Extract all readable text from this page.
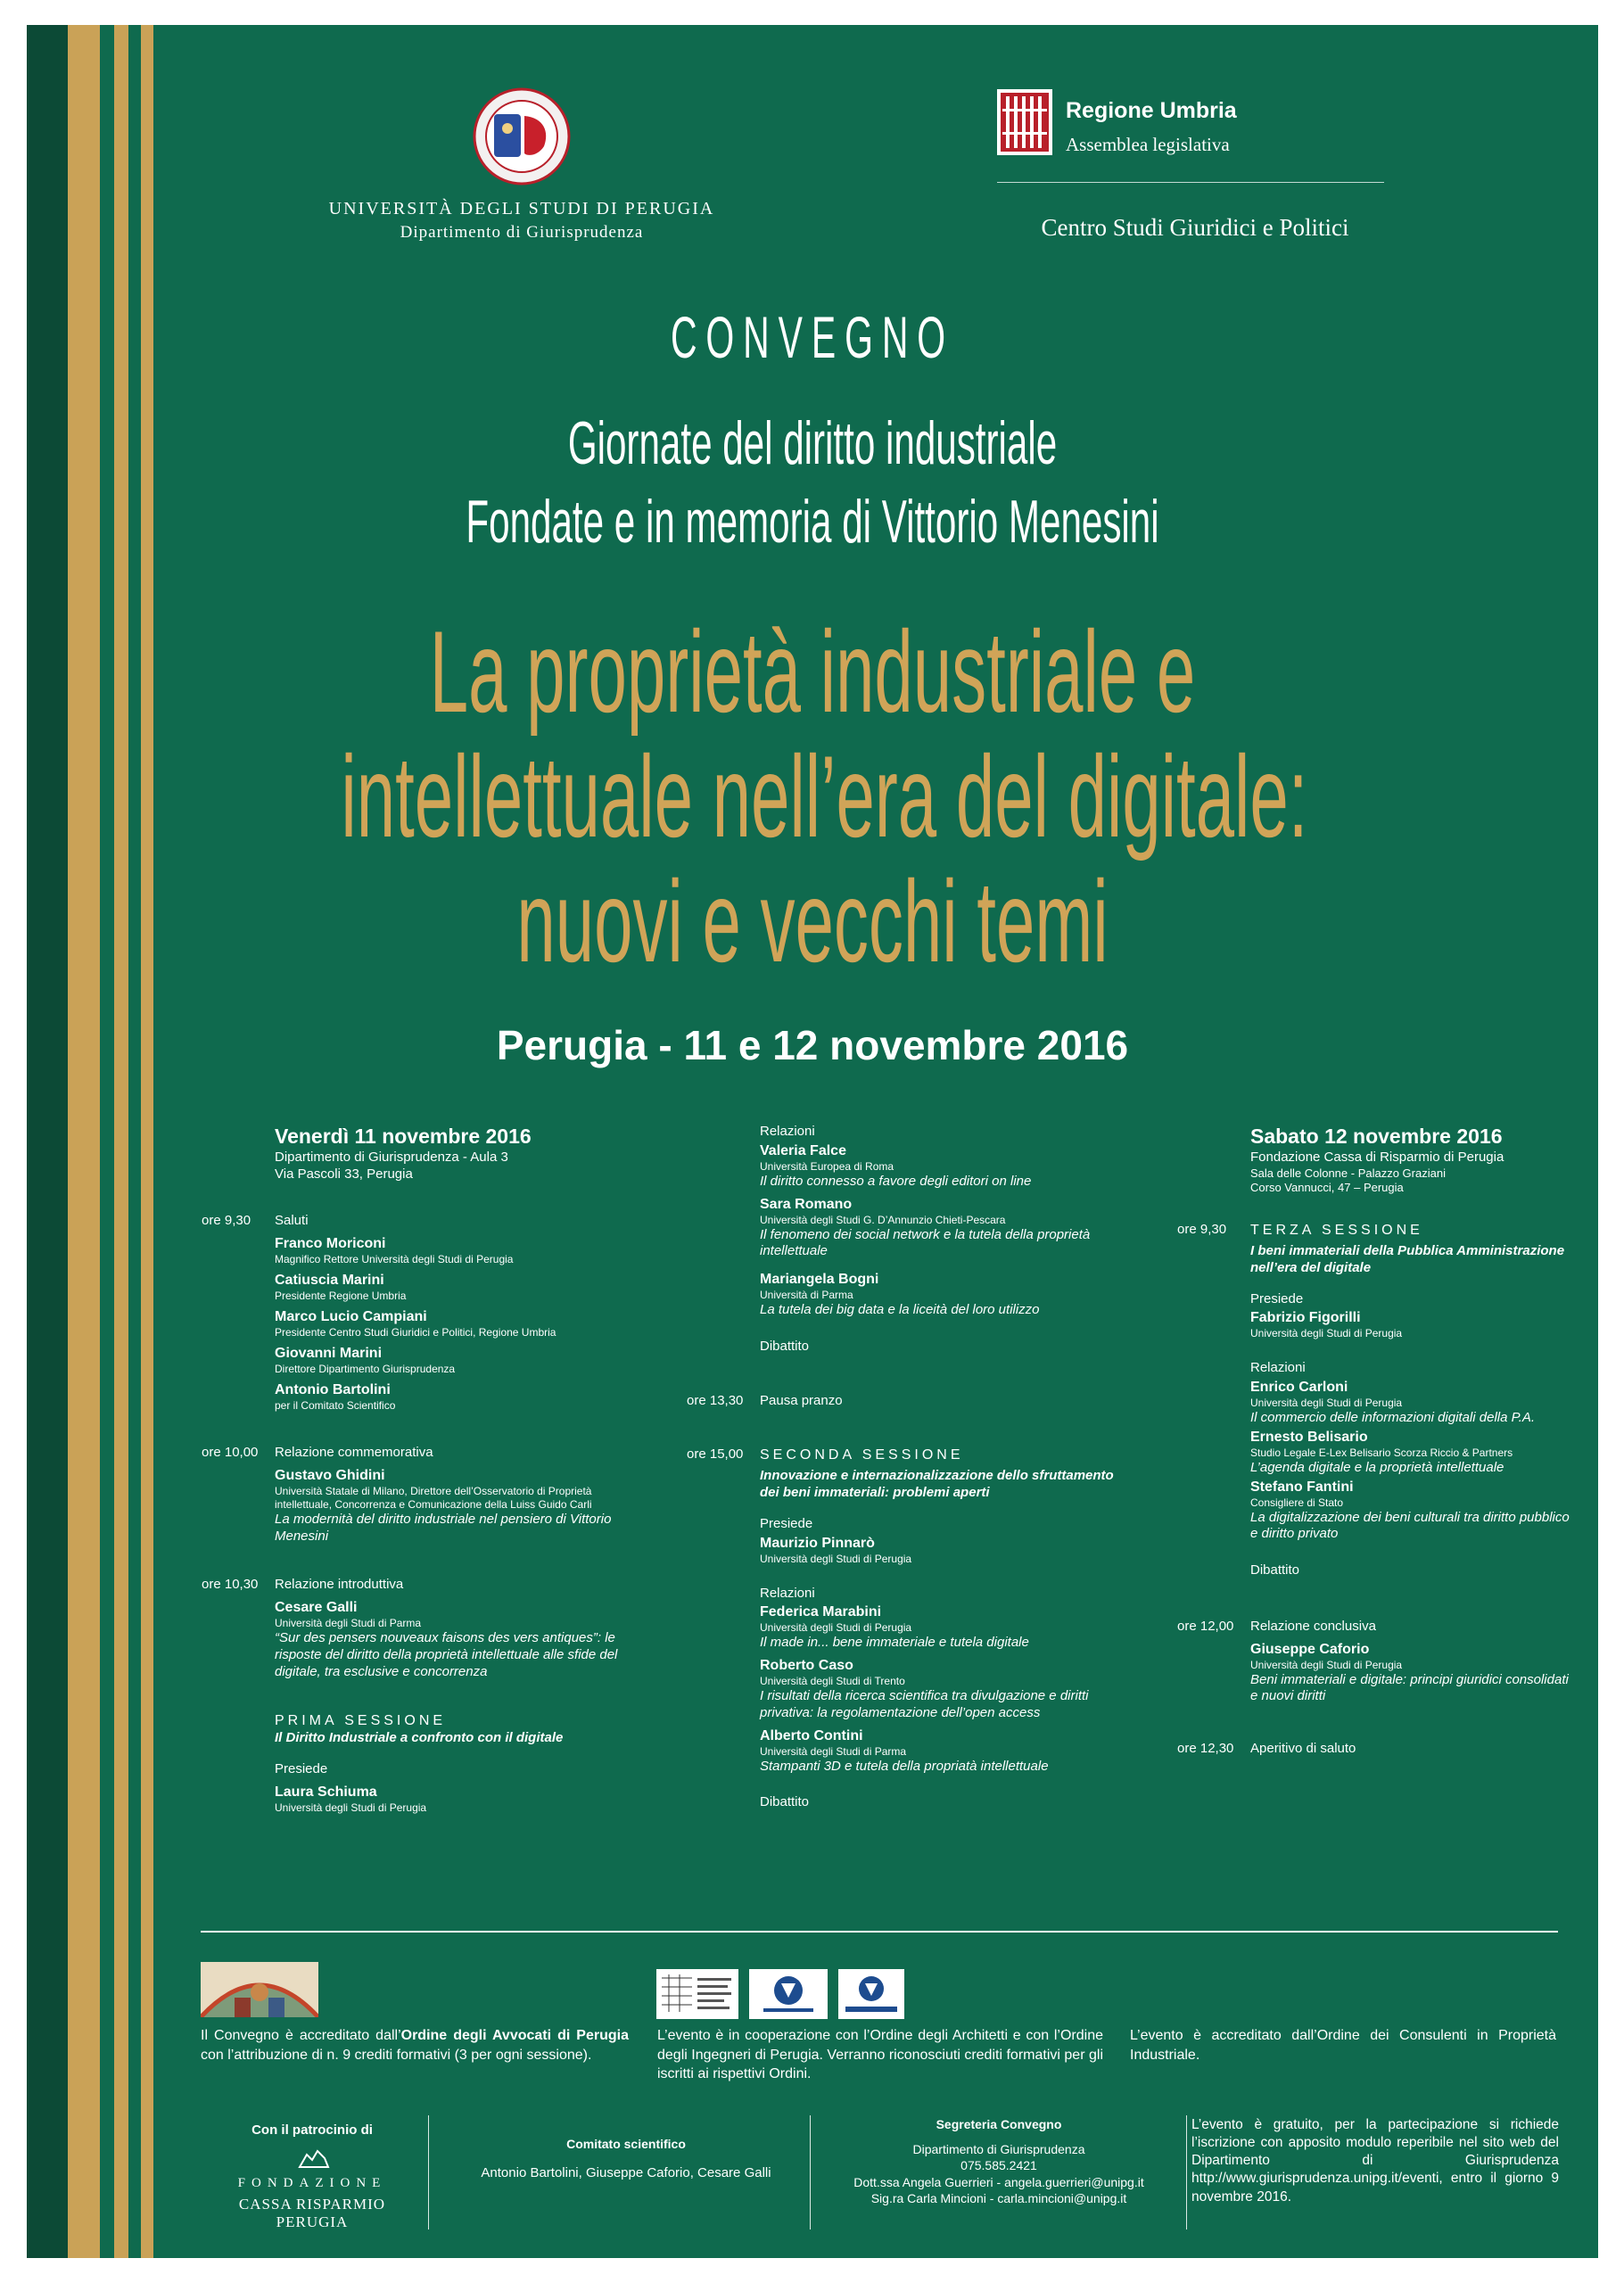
UNIVERSITÀ DEGLI STUDI DI PERUGIA
Dipartimento di Giurisprudenza
Regione Umbria
Assemblea legislativa
Centro Studi Giuridici e Politici
CONVEGNO
Giornate del diritto industriale
Fondate e in memoria di Vittorio Menesini
La proprietà industriale e
intellettuale nell’era del digitale:
nuovi e vecchi temi
Perugia - 11 e 12 novembre 2016
Venerdì 11 novembre 2016
Dipartimento di Giurisprudenza - Aula 3
Via Pascoli 33, Perugia
ore 9,30 Saluti
Franco Moriconi
Magnifico Rettore Università degli Studi di Perugia
Catiuscia Marini
Presidente Regione Umbria
Marco Lucio Campiani
Presidente Centro Studi Giuridici e Politici, Regione Umbria
Giovanni Marini
Direttore Dipartimento Giurisprudenza
Antonio Bartolini
per il Comitato Scientifico
ore 10,00 Relazione commemorativa
Gustavo Ghidini
Università Statale di Milano, Direttore dell’Osservatorio di Proprietà intellettuale, Concorrenza e Comunicazione della Luiss Guido Carli
La modernità del diritto industriale nel pensiero di Vittorio Menesini
ore 10,30 Relazione introduttiva
Cesare Galli
Università degli Studi di Parma
“Sur des pensers nouveaux faisons des vers antiques”: le risposte del diritto della proprietà intellettuale alle sfide del digitale, tra esclusive e concorrenza
PRIMA SESSIONE
Il Diritto Industriale a confronto con il digitale
Presiede
Laura Schiuma
Università degli Studi di Perugia
Relazioni
Valeria Falce
Università Europea di Roma
Il diritto connesso a favore degli editori on line
Sara Romano
Università degli Studi G. D’Annunzio Chieti-Pescara
Il fenomeno dei social network e la tutela della proprietà intellettuale
Mariangela Bogni
Università di Parma
La tutela dei big data e la liceità del loro utilizzo
Dibattito
ore 13,30 Pausa pranzo
ore 15,00 SECONDA SESSIONE
Innovazione e internazionalizzazione dello sfruttamento dei beni immateriali: problemi aperti
Presiede
Maurizio Pinnarò
Università degli Studi di Perugia
Relazioni
Federica Marabini
Università degli Studi di Perugia
Il made in... bene immateriale e tutela digitale
Roberto Caso
Università degli Studi di Trento
I risultati della ricerca scientifica tra divulgazione e diritti privativa: la regolamentazione dell’open access
Alberto Contini
Università degli Studi di Parma
Stampanti 3D e tutela della propriatà intellettuale
Dibattito
Sabato 12 novembre 2016
Fondazione Cassa di Risparmio di Perugia
Sala delle Colonne - Palazzo Graziani
Corso Vannucci, 47 – Perugia
ore 9,30 TERZA SESSIONE
I beni immateriali della Pubblica Amministrazione nell’era del digitale
Presiede
Fabrizio Figorilli
Università degli Studi di Perugia
Relazioni
Enrico Carloni
Università degli Studi di Perugia
Il commercio delle informazioni digitali della P.A.
Ernesto Belisario
Studio Legale E-Lex Belisario Scorza Riccio & Partners
L’agenda digitale e la proprietà intellettuale
Stefano Fantini
Consigliere di Stato
La digitalizzazione dei beni culturali tra diritto pubblico e diritto privato
Dibattito
ore 12,00 Relazione conclusiva
Giuseppe Caforio
Università degli Studi di Perugia
Beni immateriali e digitale: principi giuridici consolidati e nuovi diritti
ore 12,30 Aperitivo di saluto
Il Convegno è accreditato dall’Ordine degli Avvocati di Perugia con l’attribuzione di n. 9 crediti formativi (3 per ogni sessione).
L’evento è in cooperazione con l’Ordine degli Architetti e con l’Ordine degli Ingegneri di Perugia. Verranno riconosciuti crediti formativi per gli iscritti ai rispettivi Ordini.
L’evento è accreditato dall’Ordine dei Consulenti in Proprietà Industriale.
Con il patrocinio di
FONDAZIONE
CASSA RISPARMIO PERUGIA
Comitato scientifico
Antonio Bartolini, Giuseppe Caforio, Cesare Galli
Segreteria Convegno
Dipartimento di Giurisprudenza
075.585.2421
Dott.ssa Angela Guerrieri - angela.guerrieri@unipg.it
Sig.ra Carla Mincioni - carla.mincioni@unipg.it
L’evento è gratuito, per la partecipazione si richiede l’iscrizione con apposito modulo reperibile nel sito web del Dipartimento di Giurisprudenza http://www.giurisprudenza.unipg.it/eventi, entro il giorno 9 novembre 2016.
